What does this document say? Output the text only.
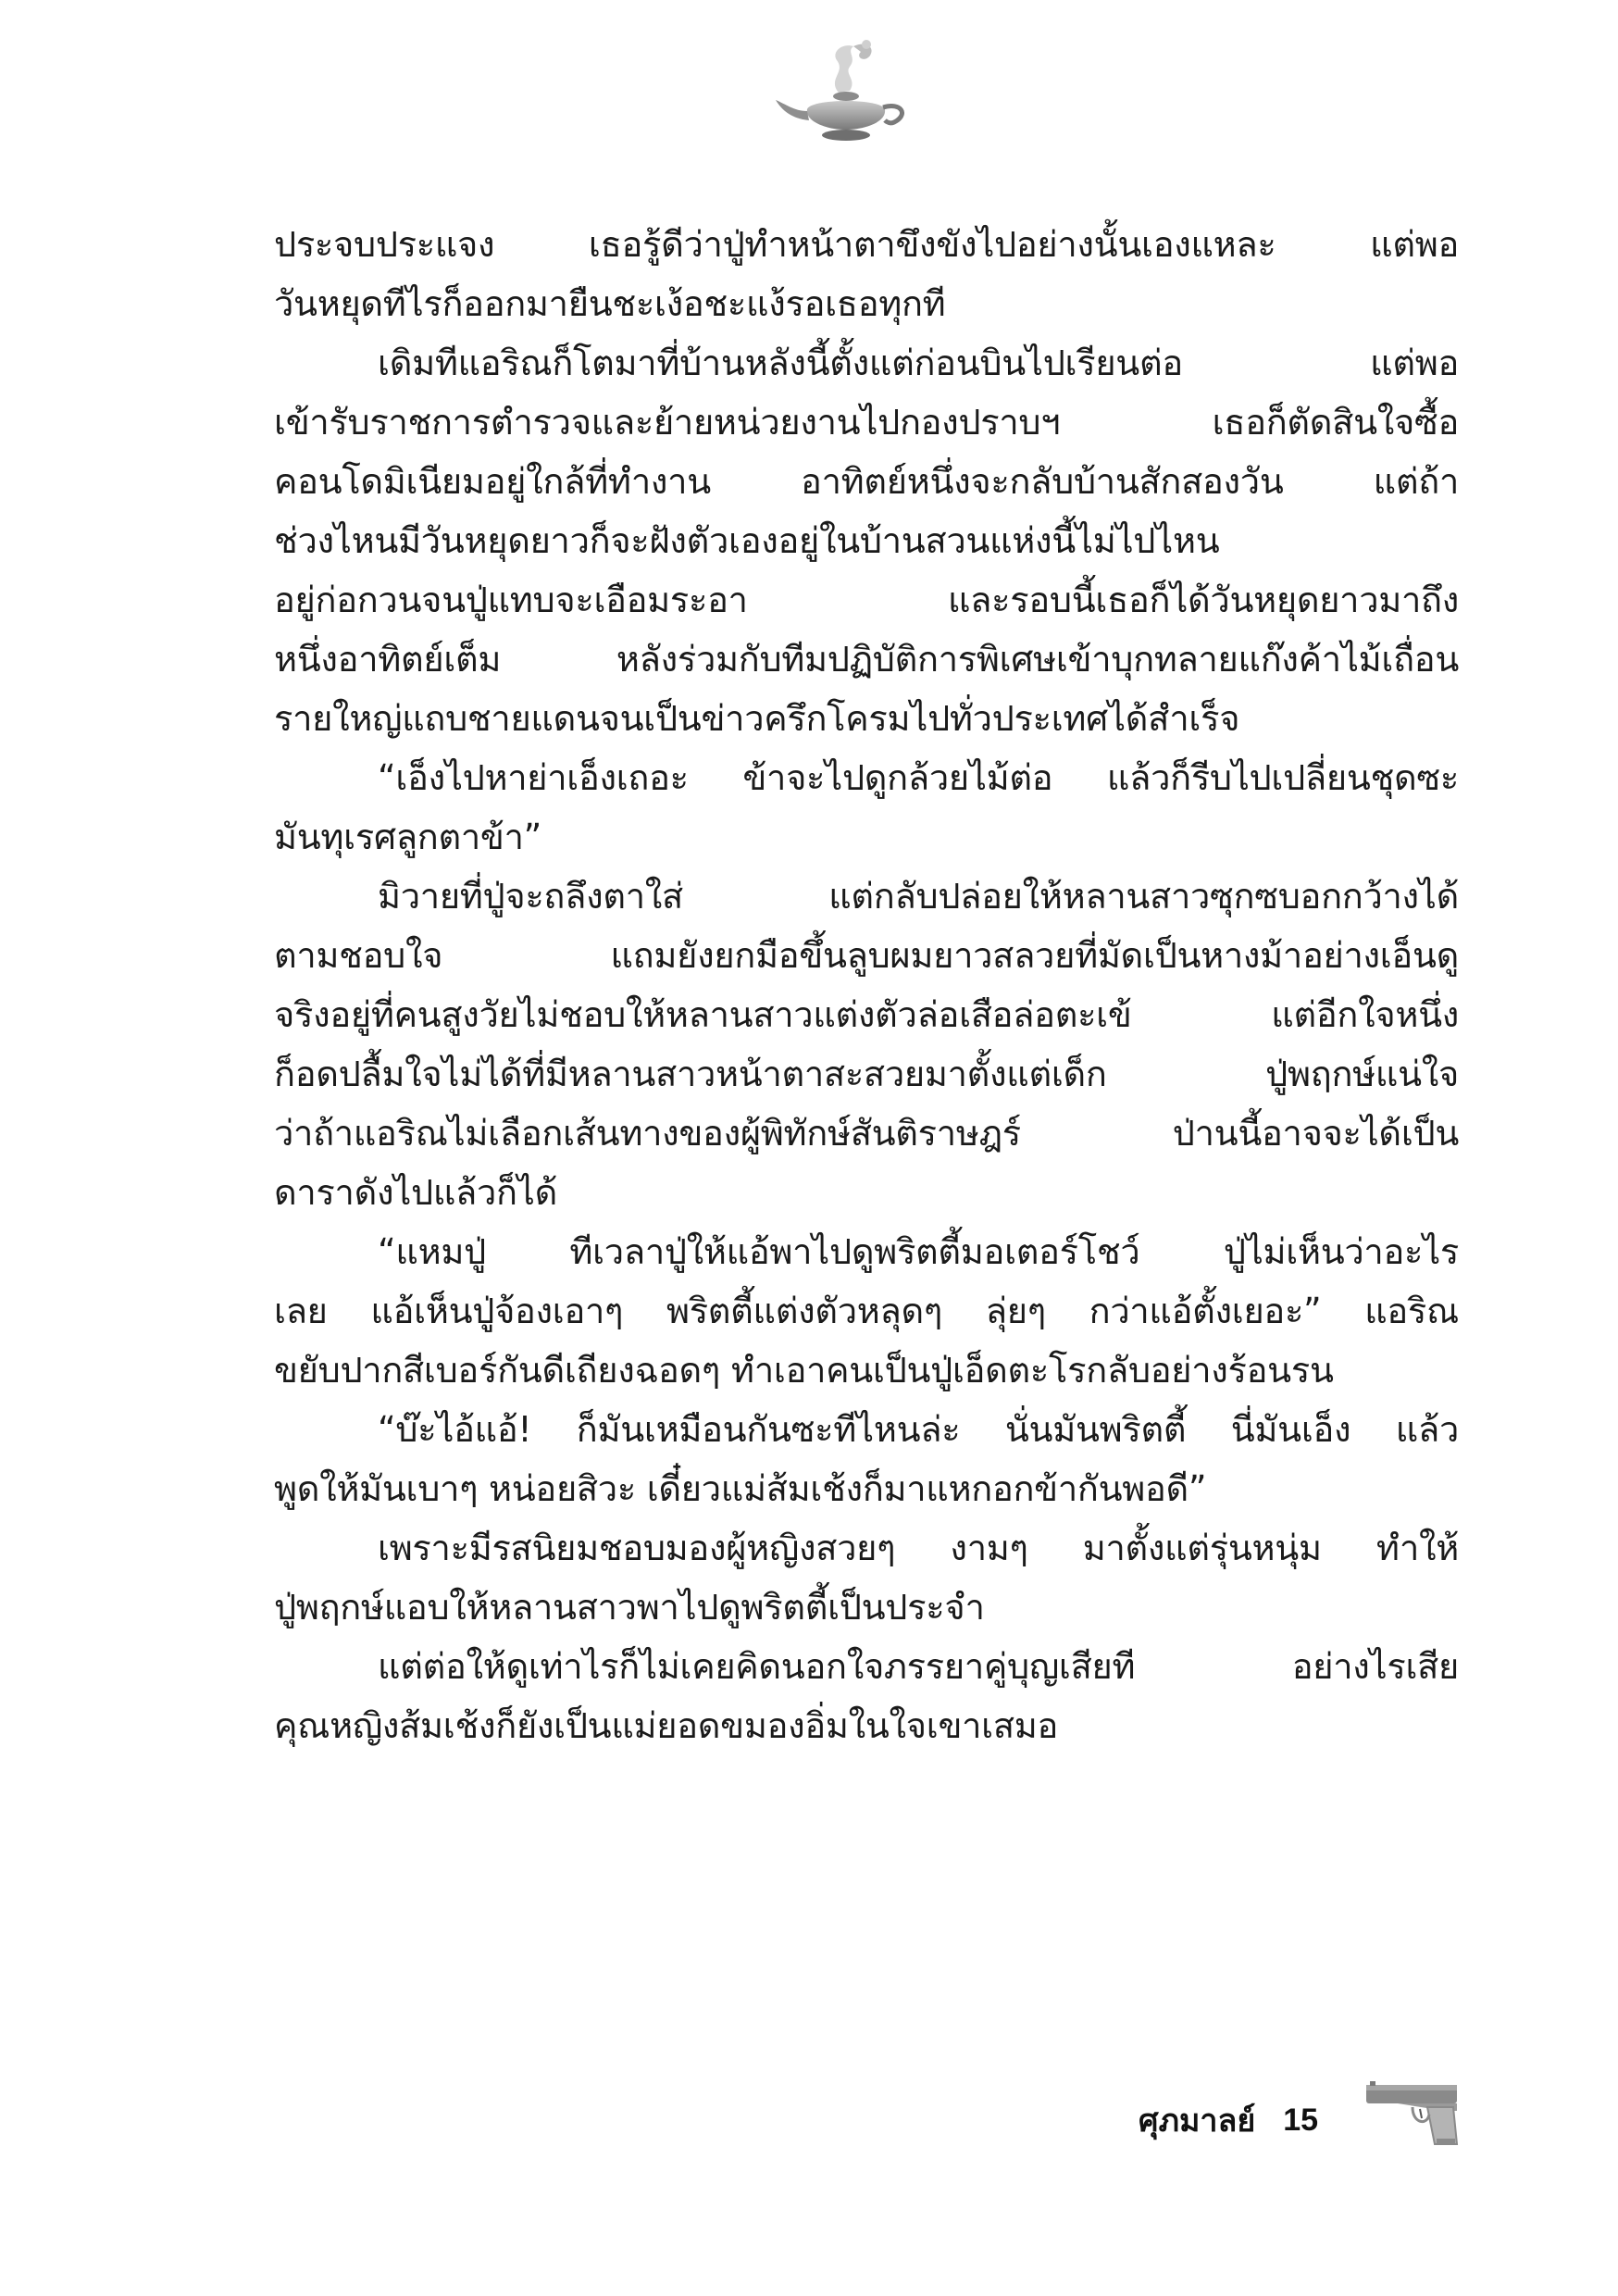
ประจบประแจง เธอรู้ดีว่าปู่ทำหน้าตาขึงขังไปอย่างนั้นเองแหละ แต่พอ
วันหยุดทีไรก็ออกมายืนชะเง้อชะแง้รอเธอทุกที
เดิมทีแอริณก็โตมาที่บ้านหลังนี้ตั้งแต่ก่อนบินไปเรียนต่อ แต่พอ
เข้ารับราชการตำรวจและย้ายหน่วยงานไปกองปราบฯ เธอก็ตัดสินใจซื้อ
คอนโดมิเนียมอยู่ใกล้ที่ทำงาน อาทิตย์หนึ่งจะกลับบ้านสักสองวัน แต่ถ้า
ช่วงไหนมีวันหยุดยาวก็จะฝังตัวเองอยู่ในบ้านสวนแห่งนี้ไม่ไปไหน
อยู่ก่อกวนจนปู่แทบจะเอือมระอา และรอบนี้เธอก็ได้วันหยุดยาวมาถึง
หนึ่งอาทิตย์เต็ม หลังร่วมกับทีมปฏิบัติการพิเศษเข้าบุกทลายแก๊งค้าไม้เถื่อน
รายใหญ่แถบชายแดนจนเป็นข่าวครึกโครมไปทั่วประเทศได้สำเร็จ
“เอ็งไปหาย่าเอ็งเถอะ ข้าจะไปดูกล้วยไม้ต่อ แล้วก็รีบไปเปลี่ยนชุดซะ
มันทุเรศลูกตาข้า”
มิวายที่ปู่จะถลึงตาใส่ แต่กลับปล่อยให้หลานสาวซุกซบอกกว้างได้
ตามชอบใจ แถมยังยกมือขึ้นลูบผมยาวสลวยที่มัดเป็นหางม้าอย่างเอ็นดู
จริงอยู่ที่คนสูงวัยไม่ชอบให้หลานสาวแต่งตัวล่อเสือล่อตะเข้ แต่อีกใจหนึ่ง
ก็อดปลื้มใจไม่ได้ที่มีหลานสาวหน้าตาสะสวยมาตั้งแต่เด็ก ปู่พฤกษ์แน่ใจ
ว่าถ้าแอริณไม่เลือกเส้นทางของผู้พิทักษ์สันติราษฎร์ ป่านนี้อาจจะได้เป็น
ดาราดังไปแล้วก็ได้
“แหมปู่ ทีเวลาปู่ให้แอ้พาไปดูพริตตี้มอเตอร์โชว์ ปู่ไม่เห็นว่าอะไร
เลย แอ้เห็นปู่จ้องเอาๆ พริตตี้แต่งตัวหลุดๆ ลุ่ยๆ กว่าแอ้ตั้งเยอะ” แอริณ
ขยับปากสีเบอร์กันดีเถียงฉอดๆ ทำเอาคนเป็นปู่เอ็ดตะโรกลับอย่างร้อนรน
“บ๊ะไอ้แอ้! ก็มันเหมือนกันซะทีไหนล่ะ นั่นมันพริตตี้ นี่มันเอ็ง แล้ว
พูดให้มันเบาๆ หน่อยสิวะ เดี๋ยวแม่ส้มเช้งก็มาแหกอกข้ากันพอดี”
เพราะมีรสนิยมชอบมองผู้หญิงสวยๆ งามๆ มาตั้งแต่รุ่นหนุ่ม ทำให้
ปู่พฤกษ์แอบให้หลานสาวพาไปดูพริตตี้เป็นประจำ
แต่ต่อให้ดูเท่าไรก็ไม่เคยคิดนอกใจภรรยาคู่บุญเสียที อย่างไรเสีย
คุณหญิงส้มเช้งก็ยังเป็นแม่ยอดขมองอิ่มในใจเขาเสมอ
ศุภมาลย์ 15
